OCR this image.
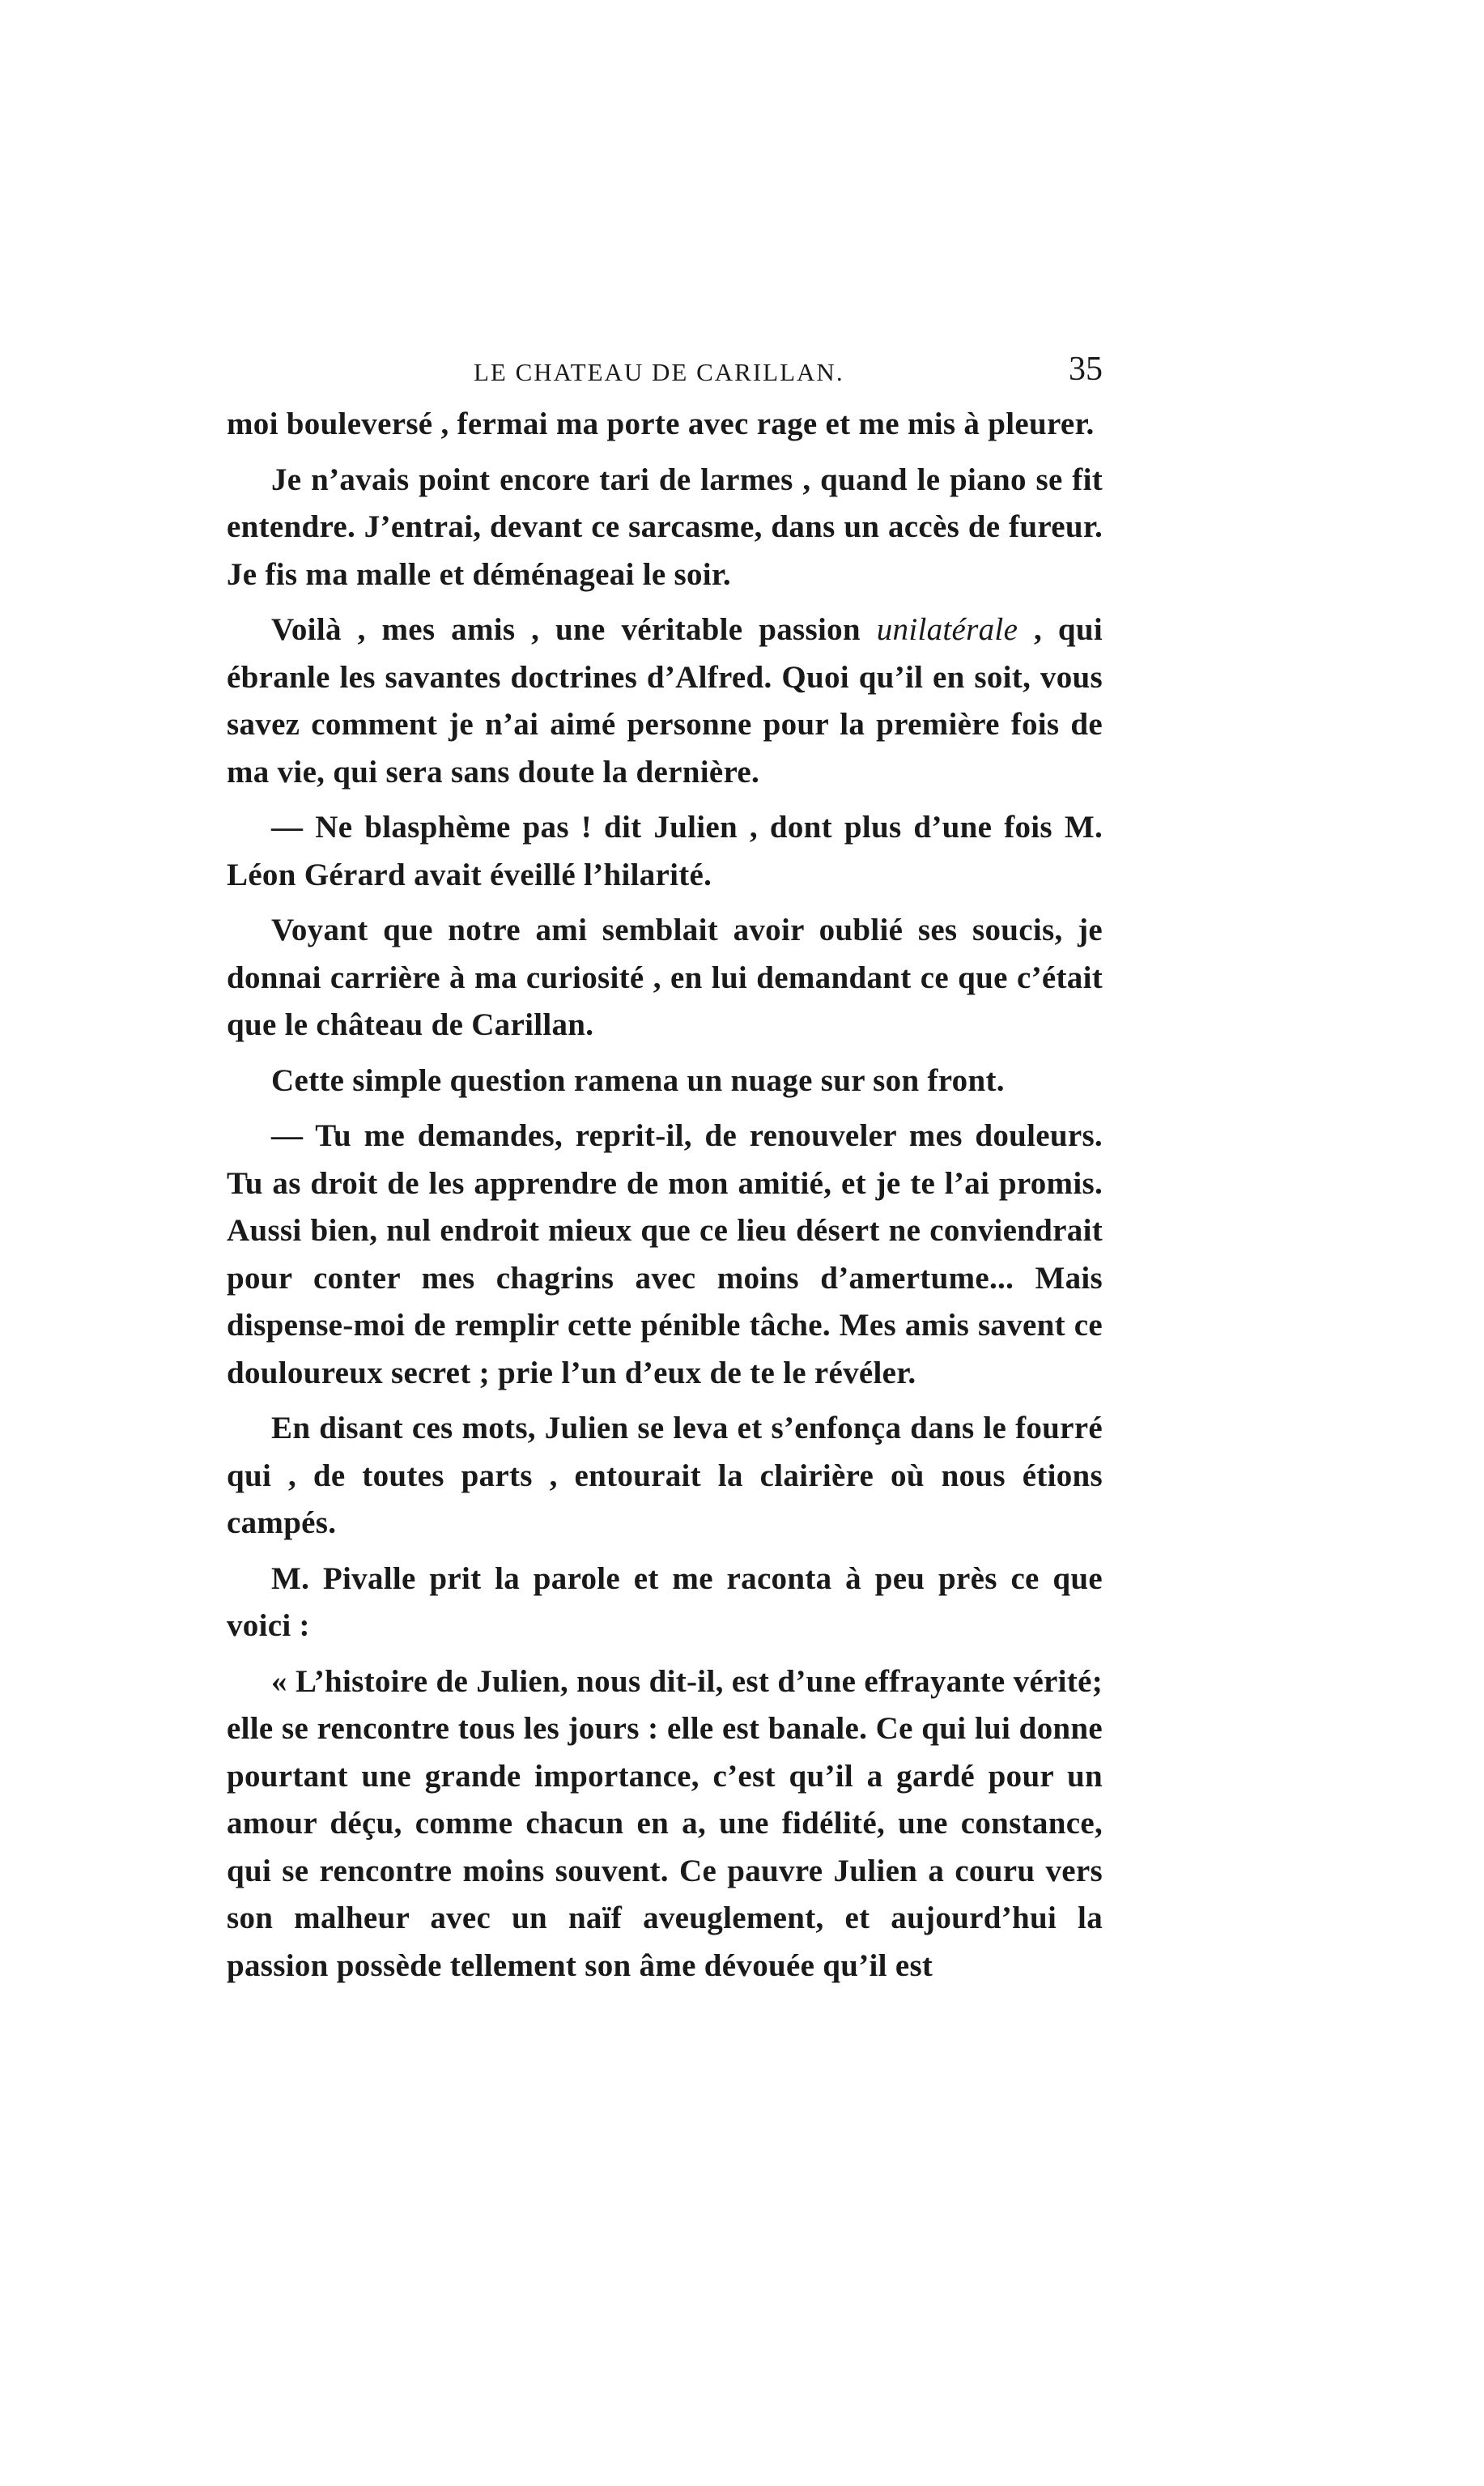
LE CHATEAU DE CARILLAN.	35

moi bouleversé , fermai ma porte avec rage et me mis à pleurer.

Je n’avais point encore tari de larmes , quand le piano se fit entendre. J’entrai, devant ce sarcasme, dans un accès de fureur. Je fis ma malle et déménageai le soir.

Voilà , mes amis , une véritable passion unilatérale , qui ébranle les savantes doctrines d’Alfred. Quoi qu’il en soit, vous savez comment je n’ai aimé personne pour la première fois de ma vie, qui sera sans doute la dernière.

— Ne blasphème pas ! dit Julien , dont plus d’une fois M. Léon Gérard avait éveillé l’hilarité.

Voyant que notre ami semblait avoir oublié ses soucis, je donnai carrière à ma curiosité , en lui demandant ce que c’était que le château de Carillan.

Cette simple question ramena un nuage sur son front.

— Tu me demandes, reprit-il, de renouveler mes douleurs. Tu as droit de les apprendre de mon amitié, et je te l’ai promis. Aussi bien, nul endroit mieux que ce lieu désert ne conviendrait pour conter mes chagrins avec moins d’amertume... Mais dispense-moi de remplir cette pénible tâche. Mes amis savent ce douloureux secret ; prie l’un d’eux de te le révéler.

En disant ces mots, Julien se leva et s’enfonça dans le fourré qui , de toutes parts , entourait la clairière où nous étions campés.

M. Pivalle prit la parole et me raconta à peu près ce que voici :

« L’histoire de Julien, nous dit-il, est d’une effrayante vérité; elle se rencontre tous les jours : elle est banale. Ce qui lui donne pourtant une grande importance, c’est qu’il a gardé pour un amour déçu, comme chacun en a, une fidélité, une constance, qui se rencontre moins souvent. Ce pauvre Julien a couru vers son malheur avec un naïf aveuglement, et aujourd’hui la passion possède tellement son âme dévouée qu’il est
